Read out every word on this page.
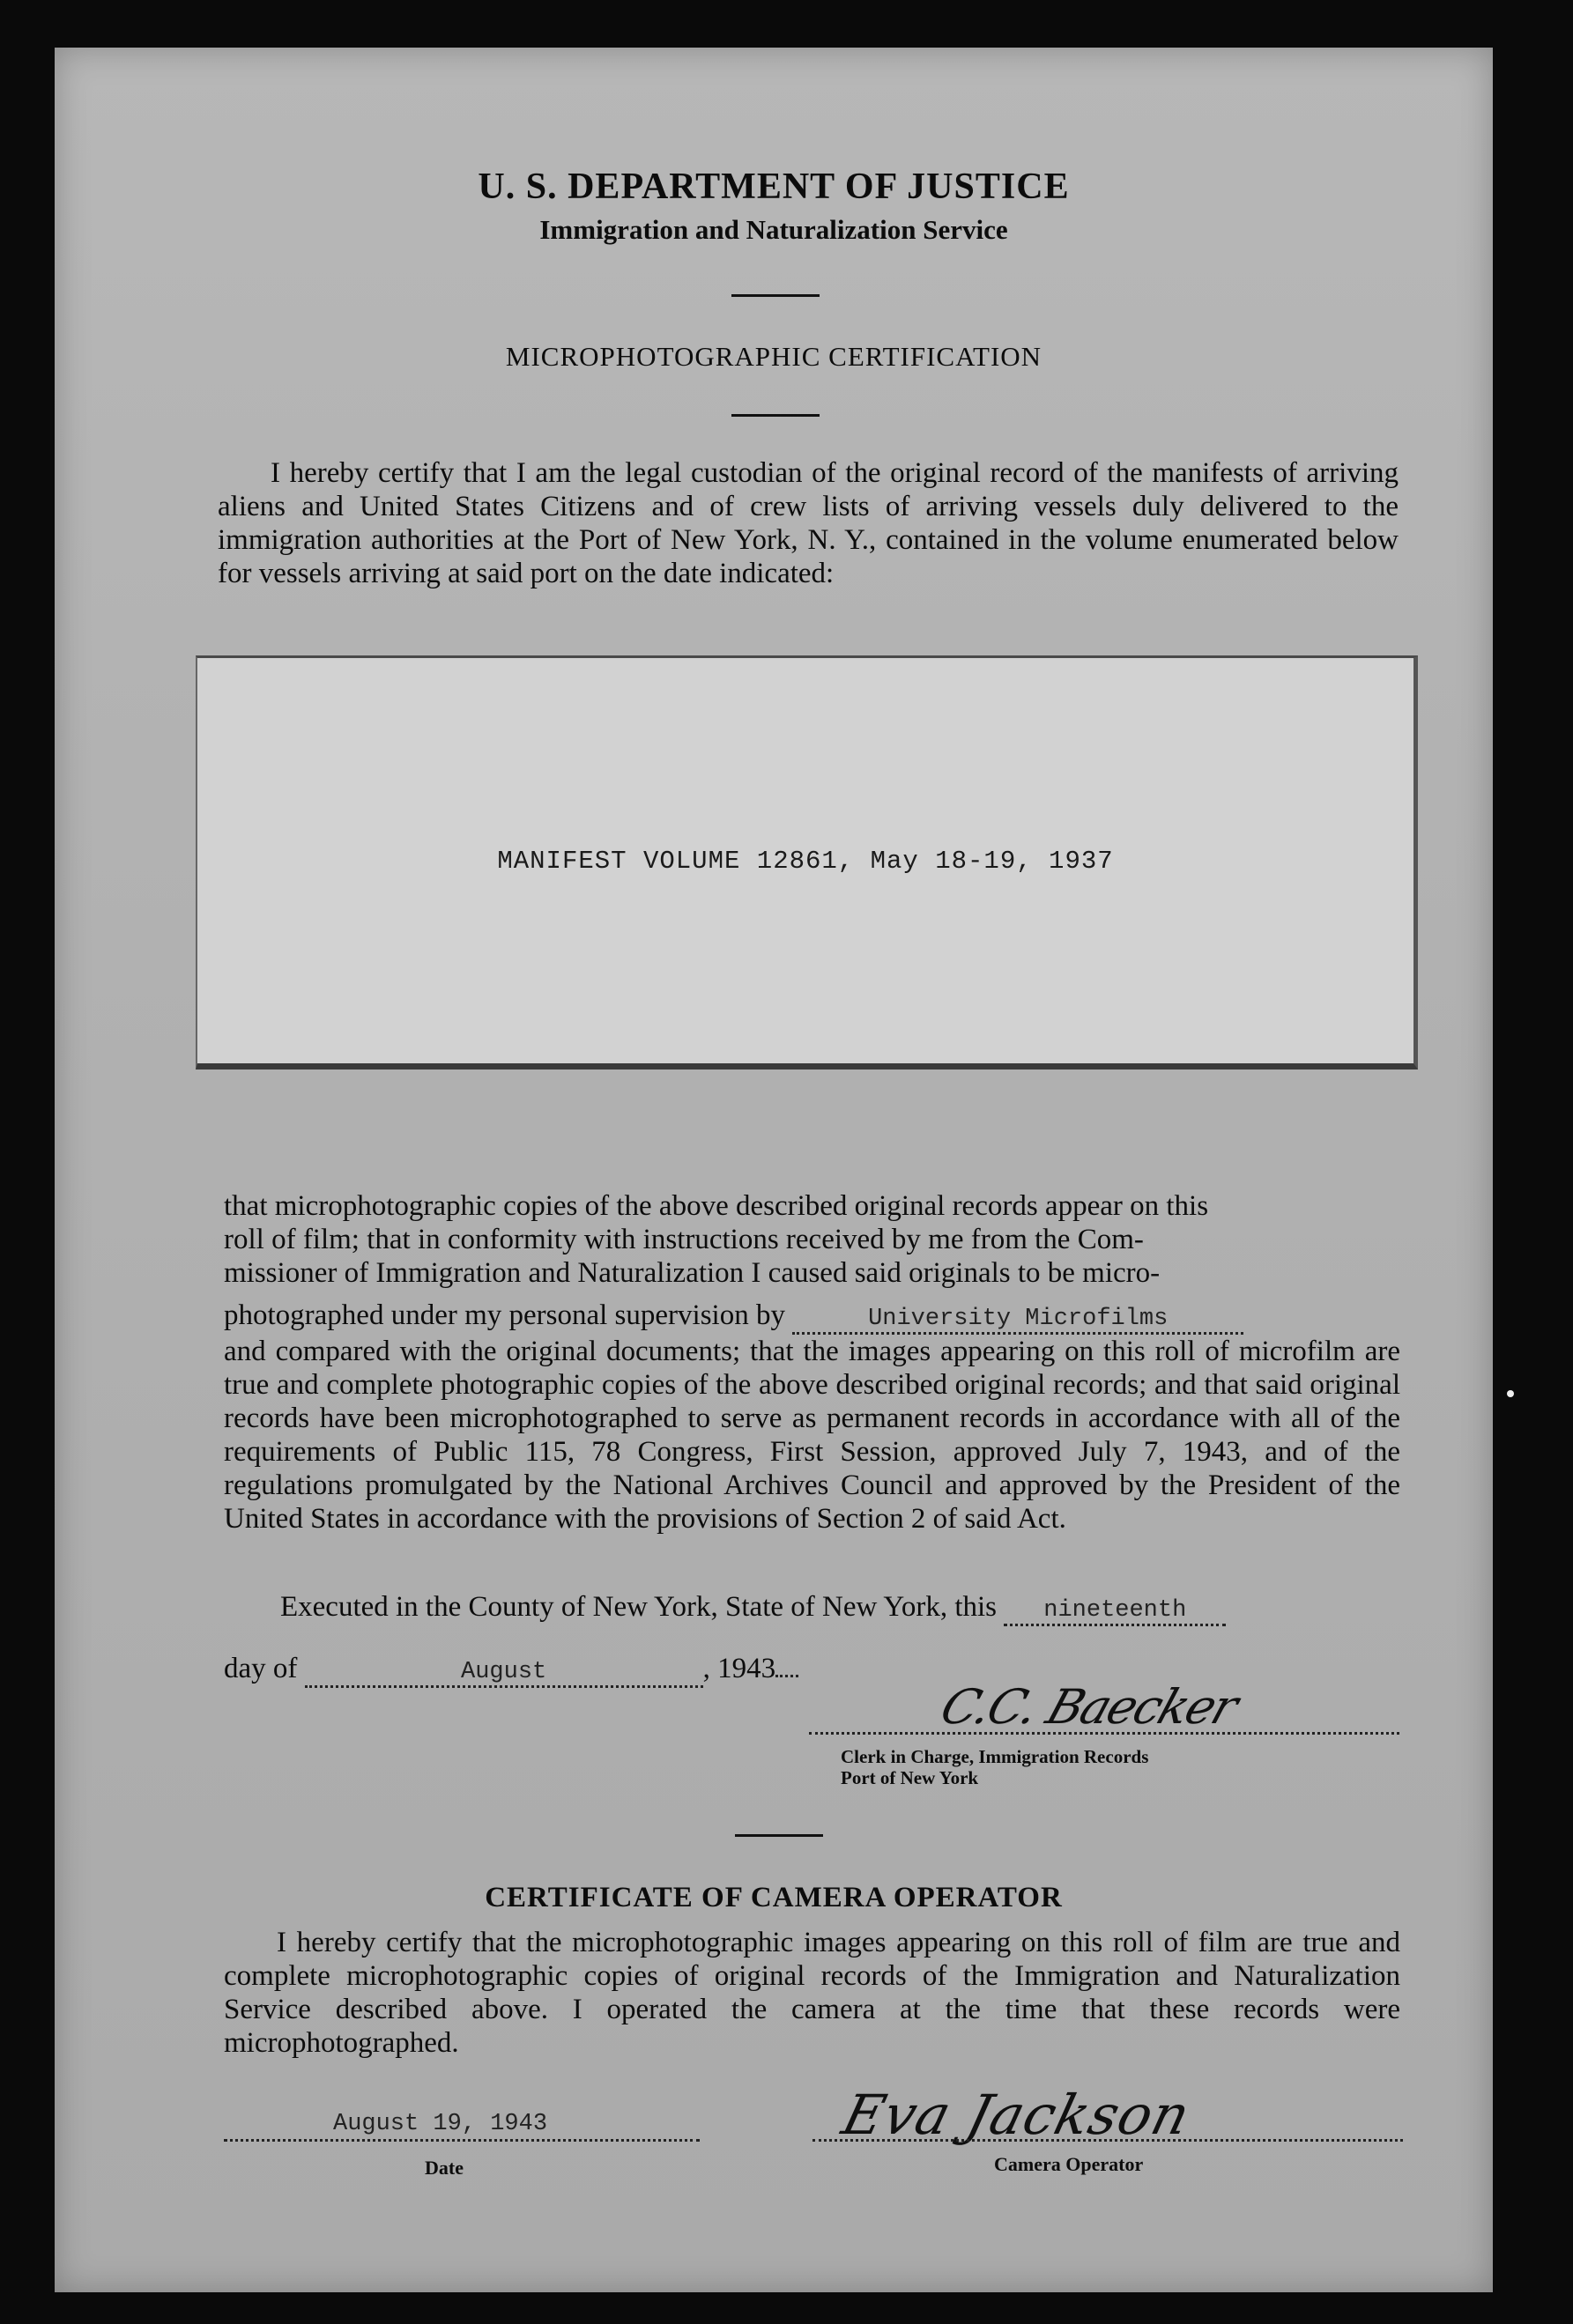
U. S. DEPARTMENT OF JUSTICE
Immigration and Naturalization Service
MICROPHOTOGRAPHIC CERTIFICATION
I hereby certify that I am the legal custodian of the original record of the manifests of arriving aliens and United States Citizens and of crew lists of arriving vessels duly delivered to the immigration authorities at the Port of New York, N. Y., contained in the volume enumerated below for vessels arriving at said port on the date indicated:
MANIFEST VOLUME 12861, May 18-19, 1937
that microphotographic copies of the above described original records appear on this
roll of film; that in conformity with instructions received by me from the Com-
missioner of Immigration and Naturalization I caused said originals to be micro-
photographed under my personal supervision by	University Microfilms
and compared with the original documents; that the images appearing on this roll of microfilm are true and complete photographic copies of the above described original records; and that said original records have been microphotographed to serve as permanent records in accordance with all of the requirements of Public 115, 78 Congress, First Session, approved July 7, 1943, and of the regulations promulgated by the National Archives Council and approved by the President of the United States in accordance with the provisions of Section 2 of said Act.
Executed in the County of New York, State of New York, this nineteenth
day of	August	, 1943
C.C. Baecker
Clerk in Charge, Immigration Records
Port of New York
CERTIFICATE OF CAMERA OPERATOR
I hereby certify that the microphotographic images appearing on this roll of film are true and complete microphotographic copies of original records of the Immigration and Naturalization Service described above. I operated the camera at the time that these records were microphotographed.
August 19, 1943
Date
Eva Jackson
Camera Operator
